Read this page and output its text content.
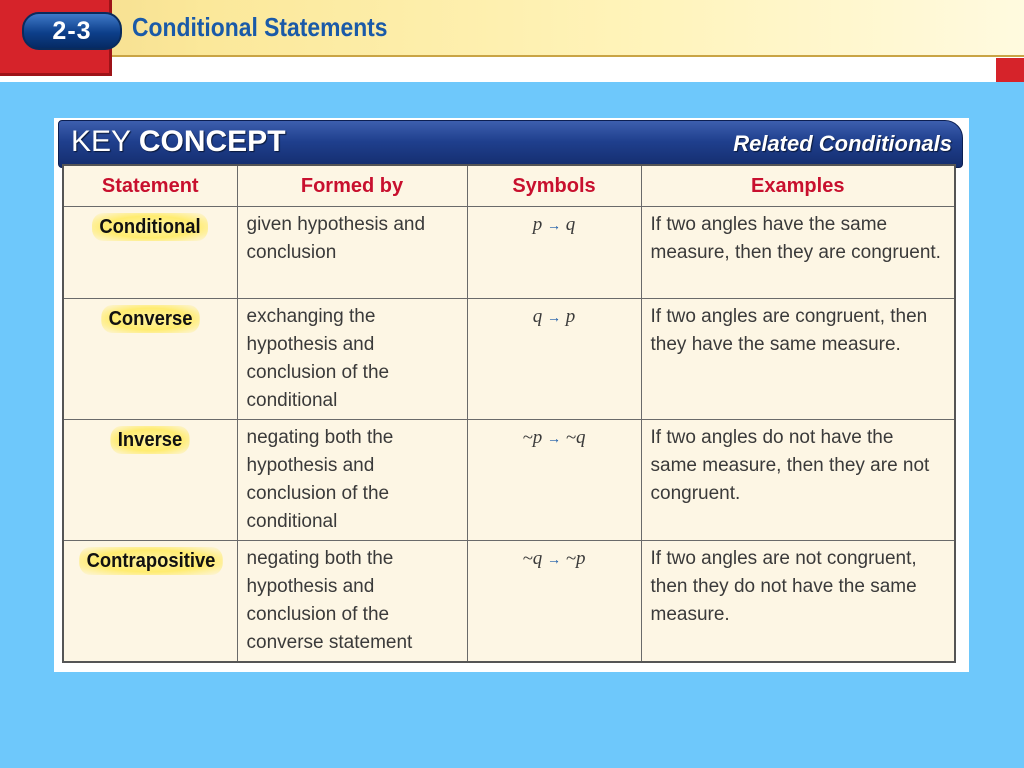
2-3	Conditional Statements
KEY CONCEPT	Related Conditionals
Statement	Formed by	Symbols	Examples
Conditional	given hypothesis and conclusion	p → q	If two angles have the same measure, then they are congruent.
Converse	exchanging the hypothesis and conclusion of the conditional	q → p	If two angles are congruent, then they have the same measure.
Inverse	negating both the hypothesis and conclusion of the conditional	~p → ~q	If two angles do not have the same measure, then they are not congruent.
Contrapositive	negating both the hypothesis and conclusion of the converse statement	~q → ~p	If two angles are not congruent, then they do not have the same measure.
